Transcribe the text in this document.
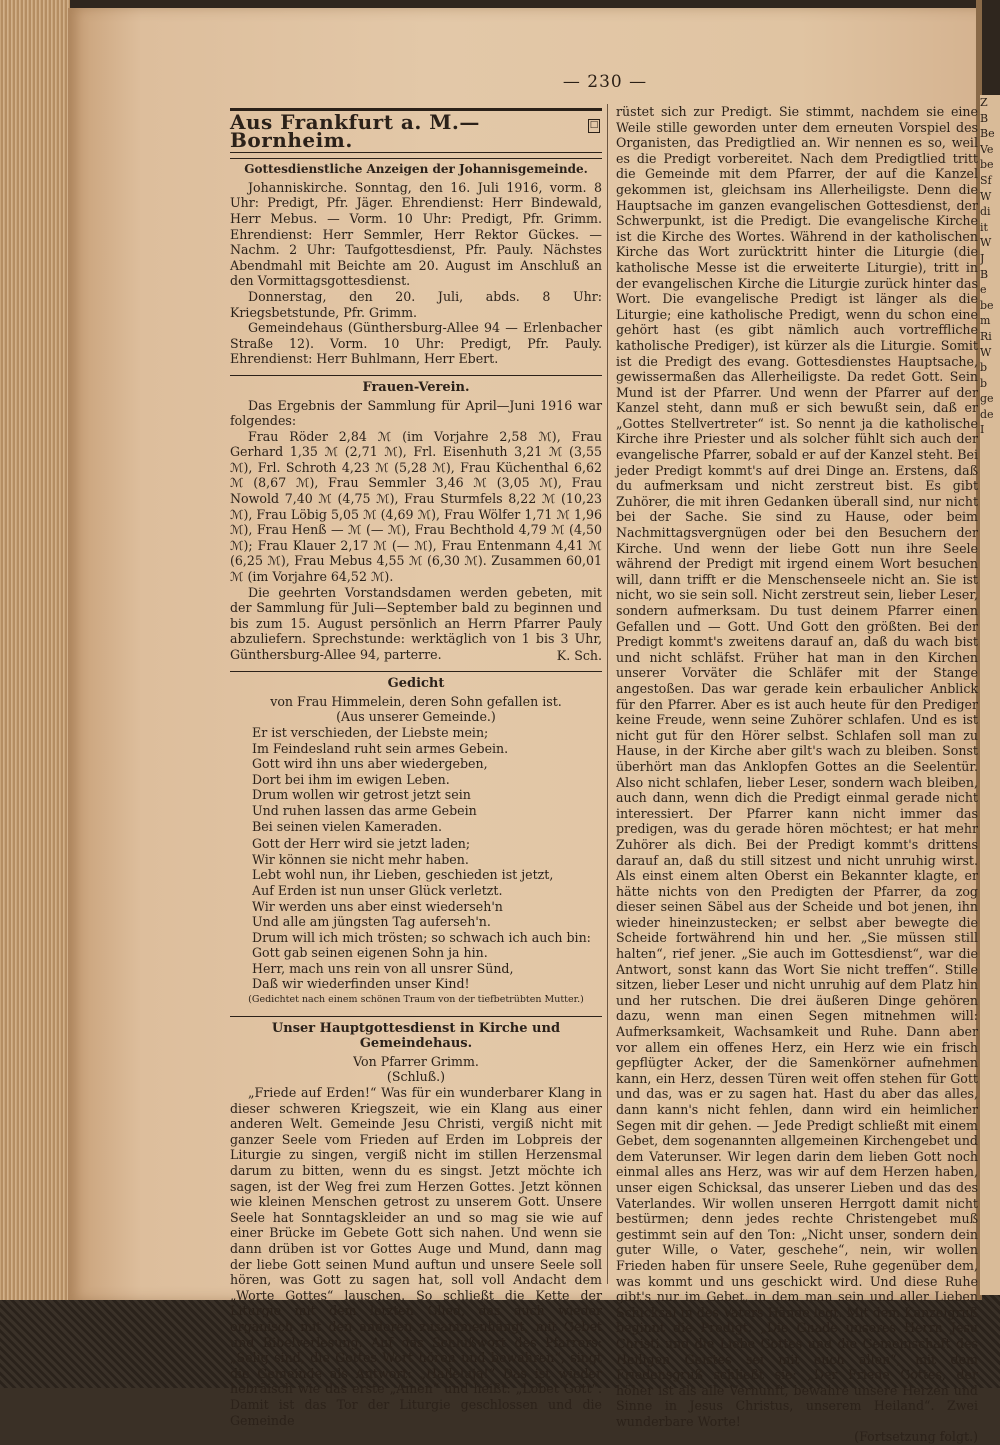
Z
B
Be
Ve
be
Sf
W
di
it
W
J
B
e
be
m
Ri
W
b
b
ge
de
I
— 230 —
Aus Frankfurt a. M.—Bornheim.
□
Gottesdienstliche Anzeigen der Johannisgemeinde.

Johanniskirche. Sonntag, den 16. Juli 1916, vorm. 8 Uhr: Predigt, Pfr. Jäger. Ehrendienst: Herr Bindewald, Herr Mebus. — Vorm. 10 Uhr: Predigt, Pfr. Grimm. Ehrendienst: Herr Semmler, Herr Rektor Gückes. — Nachm. 2 Uhr: Taufgottesdienst, Pfr. Pauly. Nächstes Abendmahl mit Beichte am 20. August im Anschluß an den Vormittagsgottesdienst.

Donnerstag, den 20. Juli, abds. 8 Uhr: Kriegsbetstunde, Pfr. Grimm.

Gemeindehaus (Günthersburg-Allee 94 — Erlenbacher Straße 12). Vorm. 10 Uhr: Predigt, Pfr. Pauly. Ehrendienst: Herr Buhlmann, Herr Ebert.

Frauen-Verein.

Das Ergebnis der Sammlung für April—Juni 1916 war folgendes:

Frau Röder 2,84 ℳ (im Vorjahre 2,58 ℳ), Frau Gerhard 1,35 ℳ (2,71 ℳ), Frl. Eisenhuth 3,21 ℳ (3,55 ℳ), Frl. Schroth 4,23 ℳ (5,28 ℳ), Frau Küchenthal 6,62 ℳ (8,67 ℳ), Frau Semmler 3,46 ℳ (3,05 ℳ), Frau Nowold 7,40 ℳ (4,75 ℳ), Frau Sturmfels 8,22 ℳ (10,23 ℳ), Frau Löbig 5,05 ℳ (4,69 ℳ), Frau Wölfer 1,71 ℳ 1,96 ℳ), Frau Henß — ℳ (— ℳ), Frau Bechthold 4,79 ℳ (4,50 ℳ); Frau Klauer 2,17 ℳ (— ℳ), Frau Entenmann 4,41 ℳ (6,25 ℳ), Frau Mebus 4,55 ℳ (6,30 ℳ). Zusammen 60,01 ℳ (im Vorjahre 64,52 ℳ).

Die geehrten Vorstandsdamen werden gebeten, mit der Sammlung für Juli—September bald zu beginnen und bis zum 15. August persönlich an Herrn Pfarrer Pauly abzuliefern. Sprechstunde: werktäglich von 1 bis 3 Uhr, Günthersburg-Allee 94, parterre.	K. Sch.

Gedicht

von Frau Himmelein, deren Sohn gefallen ist.

(Aus unserer Gemeinde.)

Er ist verschieden, der Liebste mein;
Im Feindesland ruht sein armes Gebein.
Gott wird ihn uns aber wiedergeben,
Dort bei ihm im ewigen Leben.
Drum wollen wir getrost jetzt sein
Und ruhen lassen das arme Gebein
Bei seinen vielen Kameraden.
Gott der Herr wird sie jetzt laden;
Wir können sie nicht mehr haben.
Lebt wohl nun, ihr Lieben, geschieden ist jetzt,
Auf Erden ist nun unser Glück verletzt.
Wir werden uns aber einst wiederseh'n
Und alle am jüngsten Tag auferseh'n.
Drum will ich mich trösten; so schwach ich auch bin:
Gott gab seinen eigenen Sohn ja hin.
Herr, mach uns rein von all unsrer Sünd,
Daß wir wiederfinden unser Kind!

(Gedichtet nach einem schönen Traum von der tiefbetrübten Mutter.)

Unser Hauptgottesdienst in Kirche und Gemeindehaus.

Von Pfarrer Grimm.

(Schluß.)

„Friede auf Erden!“ Was für ein wunderbarer Klang in dieser schweren Kriegszeit, wie ein Klang aus einer anderen Welt. Gemeinde Jesu Christi, vergiß nicht mit ganzer Seele vom Frieden auf Erden im Lobpreis der Liturgie zu singen, vergiß nicht im stillen Herzensmal darum zu bitten, wenn du es singst. Jetzt möchte ich sagen, ist der Weg frei zum Herzen Gottes. Jetzt können wie kleinen Menschen getrost zu unserem Gott. Unsere Seele hat Sonntagskleider an und so mag sie wie auf einer Brücke im Gebete Gott sich nahen. Und wenn sie dann drüben ist vor Gottes Auge und Mund, dann mag der liebe Gott seinen Mund auftun und unsere Seele soll hören, was Gott zu sagen hat, soll voll Andacht dem „Worte Gottes“ lauschen. So schließt die Kette der Liturgie mit dem letzten Glied, das auch wieder organisch mit den anderen zusammenhängt, mit Gebet und Bibelverlesung. Auf das Schlußwort des Pfarrers: „Selig sind, die Gottes Wort hören und bewahren“, singt die Gemeinde als Antwort: „Halleluja!“ Das ist wieder hebräisch wie das erste „Amen“ und heißt: „Lobet Gott“. Damit ist das Tor der Liturgie geschlossen und die Gemeinde

rüstet sich zur Predigt. Sie stimmt, nachdem sie eine Weile stille geworden unter dem erneuten Vorspiel des Organisten, das Predigtlied an. Wir nennen es so, weil es die Predigt vorbereitet. Nach dem Predigtlied tritt die Gemeinde mit dem Pfarrer, der auf die Kanzel gekommen ist, gleichsam ins Allerheiligste. Denn die Hauptsache im ganzen evangelischen Gottesdienst, der Schwerpunkt, ist die Predigt. Die evangelische Kirche ist die Kirche des Wortes. Während in der katholischen Kirche das Wort zurücktritt hinter die Liturgie (die katholische Messe ist die erweiterte Liturgie), tritt in der evangelischen Kirche die Liturgie zurück hinter das Wort. Die evangelische Predigt ist länger als die Liturgie; eine katholische Predigt, wenn du schon eine gehört hast (es gibt nämlich auch vortreffliche katholische Prediger), ist kürzer als die Liturgie. Somit ist die Predigt des evang. Gottesdienstes Hauptsache, gewissermaßen das Allerheiligste. Da redet Gott. Sein Mund ist der Pfarrer. Und wenn der Pfarrer auf der Kanzel steht, dann muß er sich bewußt sein, daß er „Gottes Stellvertreter“ ist. So nennt ja die katholische Kirche ihre Priester und als solcher fühlt sich auch der evangelische Pfarrer, sobald er auf der Kanzel steht. Bei jeder Predigt kommt's auf drei Dinge an. Erstens, daß du aufmerksam und nicht zerstreut bist. Es gibt Zuhörer, die mit ihren Gedanken überall sind, nur nicht bei der Sache. Sie sind zu Hause, oder beim Nachmittagsvergnügen oder bei den Besuchern der Kirche. Und wenn der liebe Gott nun ihre Seele während der Predigt mit irgend einem Wort besuchen will, dann trifft er die Menschenseele nicht an. Sie ist nicht, wo sie sein soll. Nicht zerstreut sein, lieber Leser, sondern aufmerksam. Du tust deinem Pfarrer einen Gefallen und — Gott. Und Gott den größten. Bei der Predigt kommt's zweitens darauf an, daß du wach bist und nicht schläfst. Früher hat man in den Kirchen unserer Vorväter die Schläfer mit der Stange angestoßen. Das war gerade kein erbaulicher Anblick für den Pfarrer. Aber es ist auch heute für den Prediger keine Freude, wenn seine Zuhörer schlafen. Und es ist nicht gut für den Hörer selbst. Schlafen soll man zu Hause, in der Kirche aber gilt's wach zu bleiben. Sonst überhört man das Anklopfen Gottes an die Seelentür. Also nicht schlafen, lieber Leser, sondern wach bleiben, auch dann, wenn dich die Predigt einmal gerade nicht interessiert. Der Pfarrer kann nicht immer das predigen, was du gerade hören möchtest; er hat mehr Zuhörer als dich. Bei der Predigt kommt's drittens darauf an, daß du still sitzest und nicht unruhig wirst. Als einst einem alten Oberst ein Bekannter klagte, er hätte nichts von den Predigten der Pfarrer, da zog dieser seinen Säbel aus der Scheide und bot jenen, ihn wieder hineinzustecken; er selbst aber bewegte die Scheide fortwährend hin und her. „Sie müssen still halten“, rief jener. „Sie auch im Gottesdienst“, war die Antwort, sonst kann das Wort Sie nicht treffen“. Stille sitzen, lieber Leser und nicht unruhig auf dem Platz hin und her rutschen. Die drei äußeren Dinge gehören dazu, wenn man einen Segen mitnehmen will: Aufmerksamkeit, Wachsamkeit und Ruhe. Dann aber vor allem ein offenes Herz, ein Herz wie ein frisch gepflügter Acker, der die Samenkörner aufnehmen kann, ein Herz, dessen Türen weit offen stehen für Gott und das, was er zu sagen hat. Hast du aber das alles, dann kann's nicht fehlen, dann wird ein heimlicher Segen mit dir gehen. — Jede Predigt schließt mit einem Gebet, dem sogenannten allgemeinen Kirchengebet und dem Vaterunser. Wir legen darin dem lieben Gott noch einmal alles ans Herz, was wir auf dem Herzen haben, unser eigen Schicksal, das unserer Lieben und das des Vaterlandes. Wir wollen unseren Herrgott damit nicht bestürmen; denn jedes rechte Christengebet muß gestimmt sein auf den Ton: „Nicht unser, sondern dein guter Wille, o Vater, geschehe“, nein, wir wollen Frieden haben für unsere Seele, Ruhe gegenüber dem, was kommt und uns geschickt wird. Und diese Ruhe gibt's nur im Gebet, in dem man sein und aller Lieben Schicksal in des Vaters Hände legt. Mit dem Kanzelgruß beginnt die Predigt: „Die Gnade unseres Herrn Jesu Christi und die Liebe Gottes und die Gemeinschaft des Heiligen Geistes sei mit euch allen“, mit dem Friedensgruß schließt sie: „Der Friede Gottes, der höher ist als alle Vernunft, bewahre unsere Herzen und Sinne in Jesus Christus, unserem Heiland“. Zwei wunderbare Worte!

(Fortsetzung folgt.)
